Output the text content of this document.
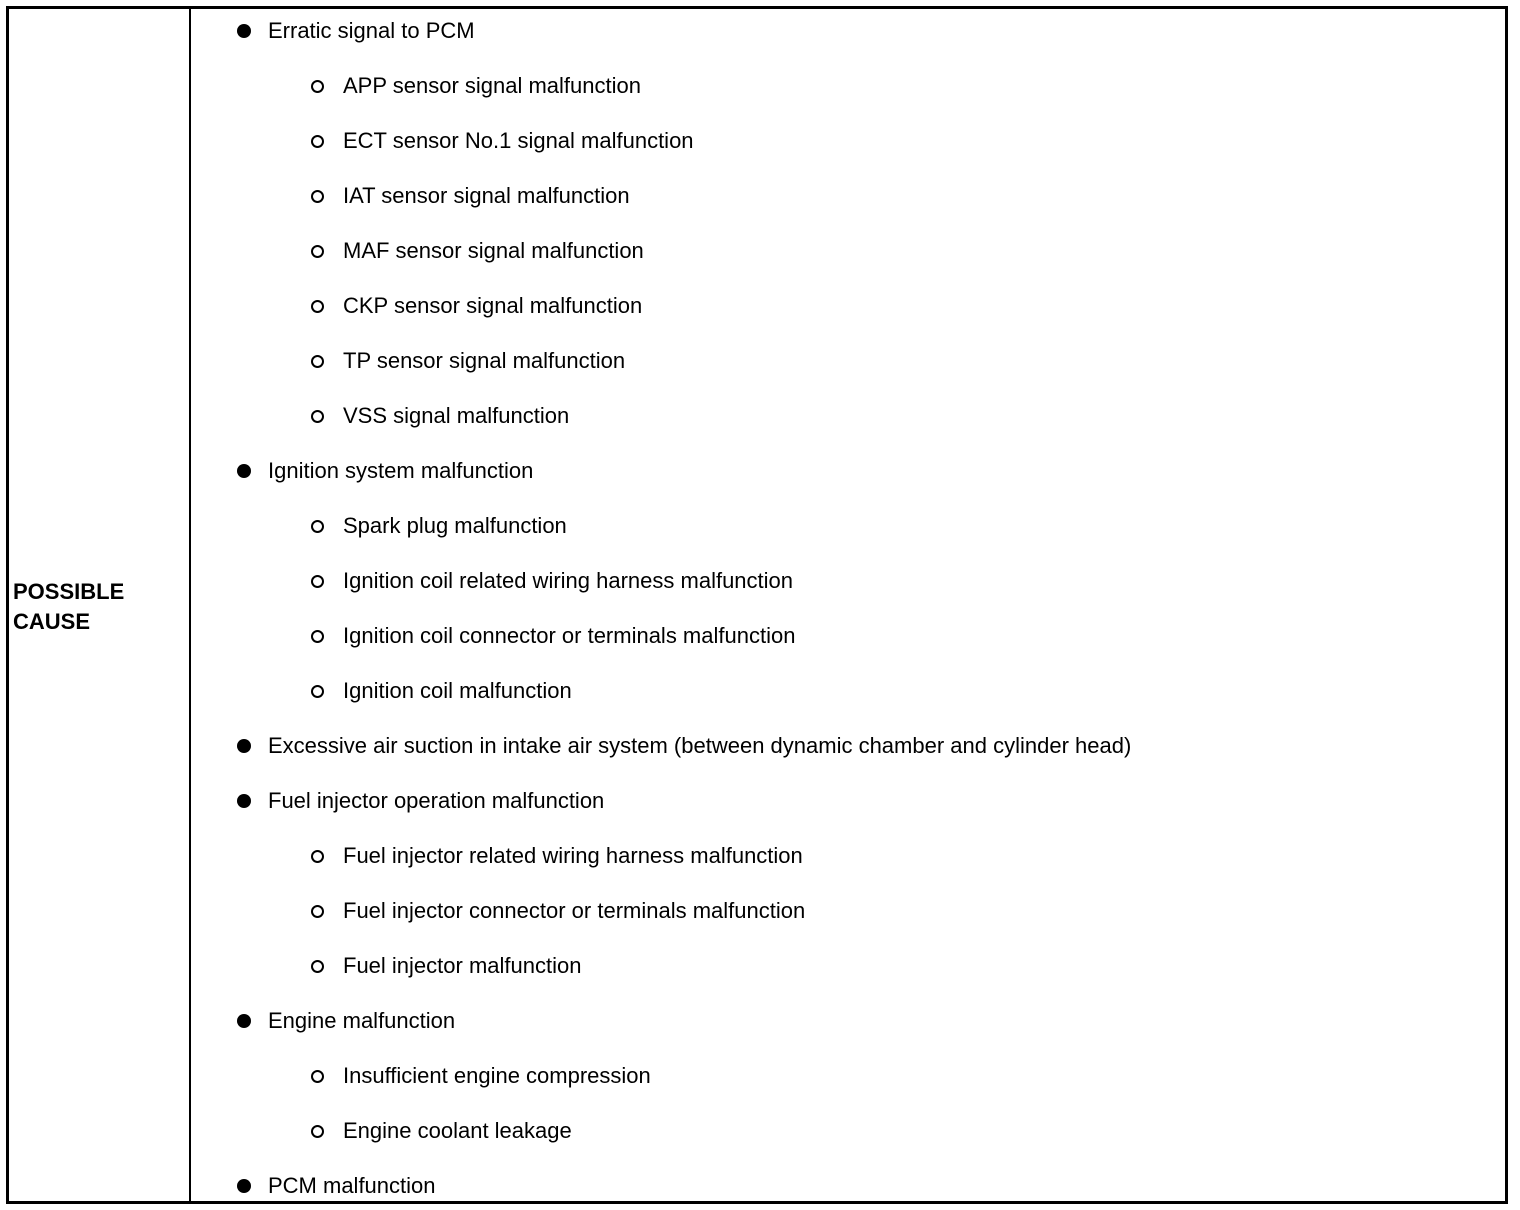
POSSIBLE CAUSE
Erratic signal to PCM
APP sensor signal malfunction
ECT sensor No.1 signal malfunction
IAT sensor signal malfunction
MAF sensor signal malfunction
CKP sensor signal malfunction
TP sensor signal malfunction
VSS signal malfunction
Ignition system malfunction
Spark plug malfunction
Ignition coil related wiring harness malfunction
Ignition coil connector or terminals malfunction
Ignition coil malfunction
Excessive air suction in intake air system (between dynamic chamber and cylinder head)
Fuel injector operation malfunction
Fuel injector related wiring harness malfunction
Fuel injector connector or terminals malfunction
Fuel injector malfunction
Engine malfunction
Insufficient engine compression
Engine coolant leakage
PCM malfunction
